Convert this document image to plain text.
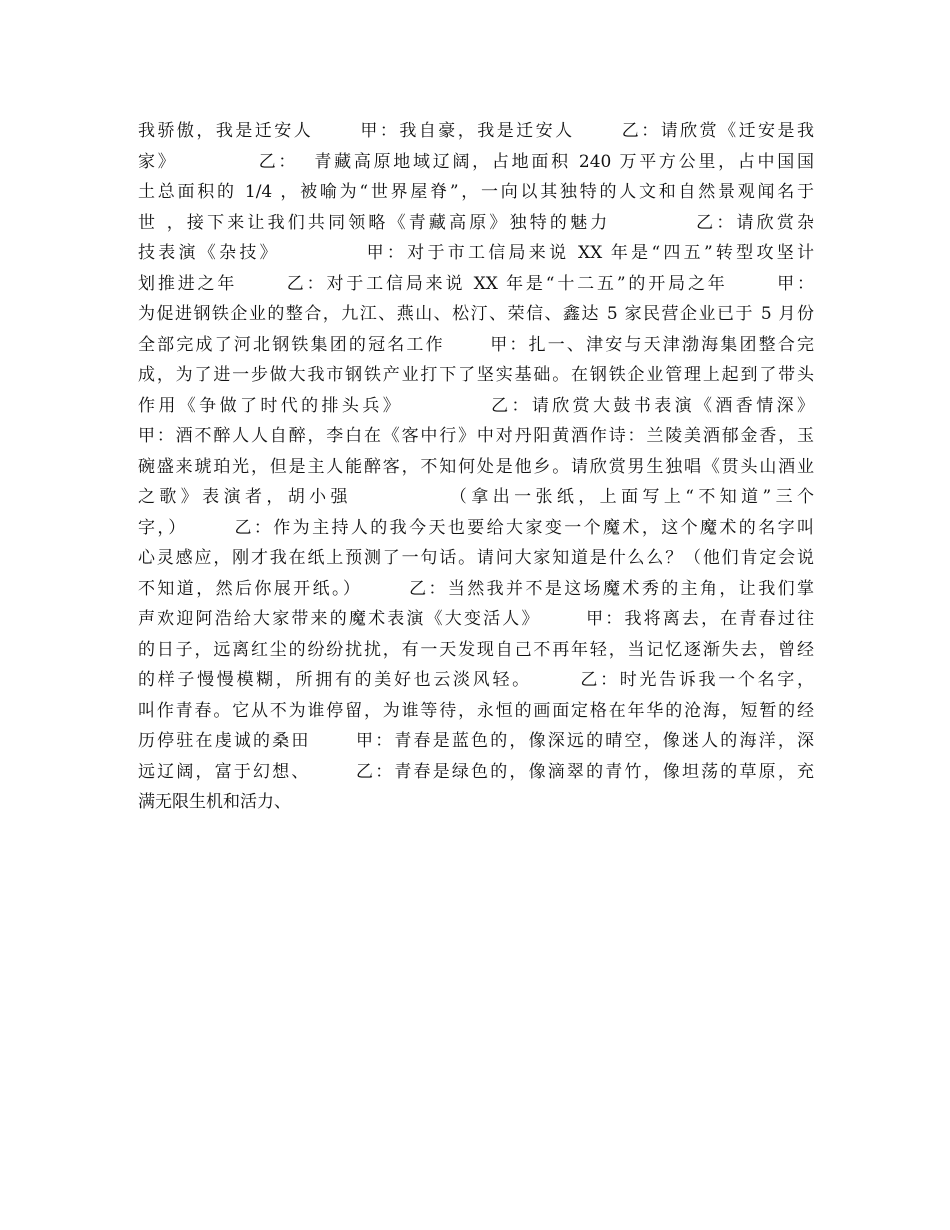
我骄傲，我是迁安人      甲：我自豪，我是迁安人      乙：请欣赏《迁安是我
家》          乙：  青藏高原地域辽阔，占地面积 240 万平方公里，占中国国
土总面积的 1/4 ，被喻为“世界屋脊”，一向以其独特的人文和自然景观闻名于
世 ，接下来让我们共同领略《青藏高原》独特的魅力          乙：请欣赏杂
技表演《杂技》          甲：对于市工信局来说 XX 年是“四五”转型攻坚计
划推进之年      乙：对于工信局来说 XX 年是“十二五”的开局之年      甲：
为促进钢铁企业的整合，九江、燕山、松汀、荣信、鑫达 5 家民营企业已于 5 月份
全部完成了河北钢铁集团的冠名工作      甲：扎一、津安与天津渤海集团整合完
成，为了进一步做大我市钢铁产业打下了坚实基础。在钢铁企业管理上起到了带头
作用《争做了时代的排头兵》          乙：请欣赏大鼓书表演《酒香情深》
甲：酒不醉人人自醉，李白在《客中行》中对丹阳黄酒作诗：兰陵美酒郁金香，玉
碗盛来琥珀光，但是主人能醉客，不知何处是他乡。请欣赏男生独唱《贯头山酒业
之歌》表演者，胡小强          （拿出一张纸，上面写上“不知道”三个
字，）      乙：作为主持人的我今天也要给大家变一个魔术，这个魔术的名字叫
心灵感应，刚才我在纸上预测了一句话。请问大家知道是什么么？（他们肯定会说
不知道，然后你展开纸。）      乙：当然我并不是这场魔术秀的主角，让我们掌
声欢迎阿浩给大家带来的魔术表演《大变活人》      甲：我将离去，在青春过往
的日子，远离红尘的纷纷扰扰，有一天发现自己不再年轻，当记忆逐渐失去，曾经
的样子慢慢模糊，所拥有的美好也云淡风轻。      乙：时光告诉我一个名字，
叫作青春。它从不为谁停留，为谁等待，永恒的画面定格在年华的沧海，短暂的经
历停驻在虔诚的桑田      甲：青春是蓝色的，像深远的晴空，像迷人的海洋，深
远辽阔，富于幻想、      乙：青春是绿色的，像滴翠的青竹，像坦荡的草原，充
满无限生机和活力、
